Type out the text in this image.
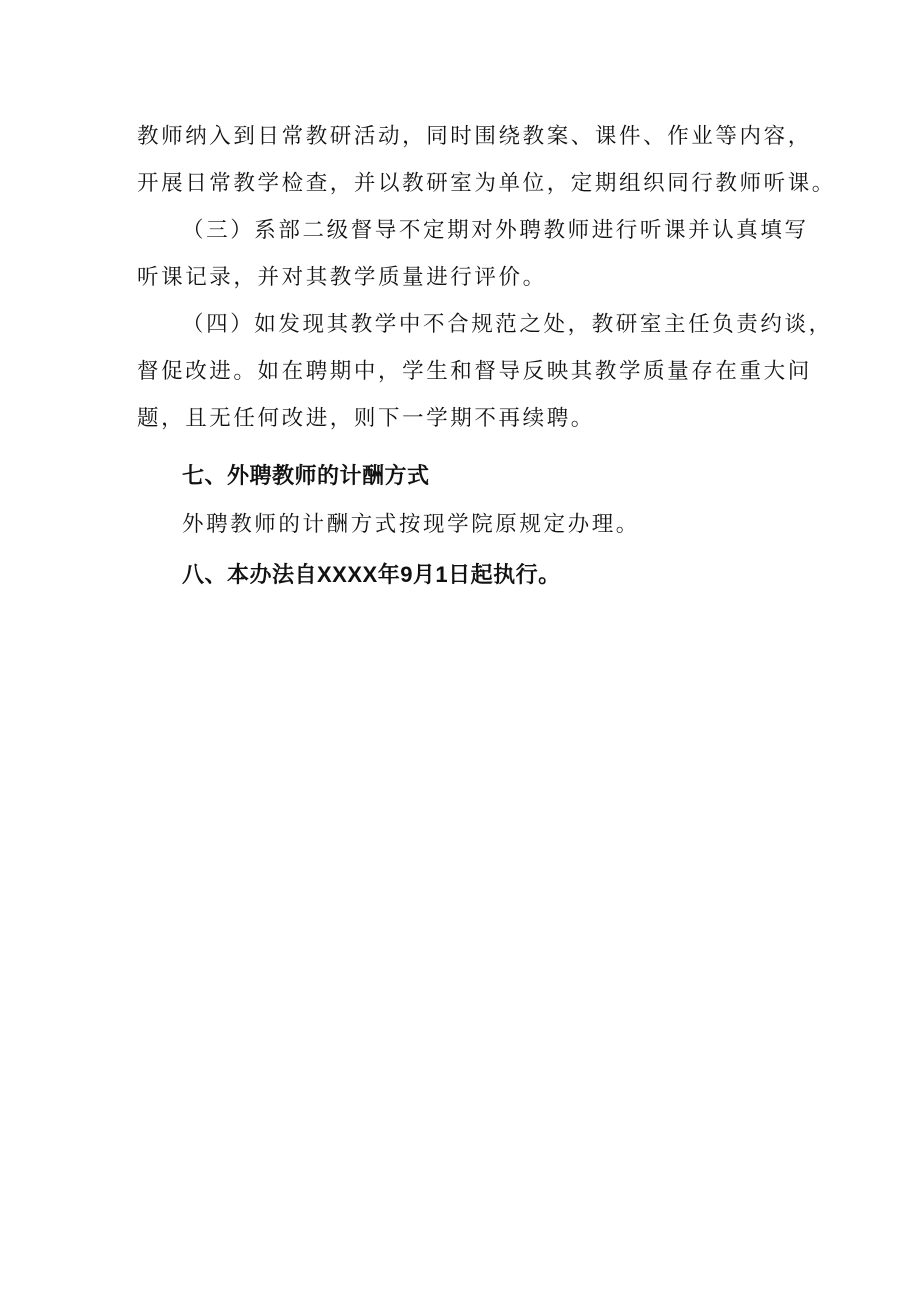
教师纳入到日常教研活动，同时围绕教案、课件、作业等内容，
开展日常教学检查，并以教研室为单位，定期组织同行教师听课。
（三）系部二级督导不定期对外聘教师进行听课并认真填写
听课记录，并对其教学质量进行评价。
（四）如发现其教学中不合规范之处，教研室主任负责约谈，
督促改进。如在聘期中，学生和督导反映其教学质量存在重大问
题，且无任何改进，则下一学期不再续聘。
七、外聘教师的计酬方式
外聘教师的计酬方式按现学院原规定办理。
八、本办法自XXXX年9月1日起执行。
